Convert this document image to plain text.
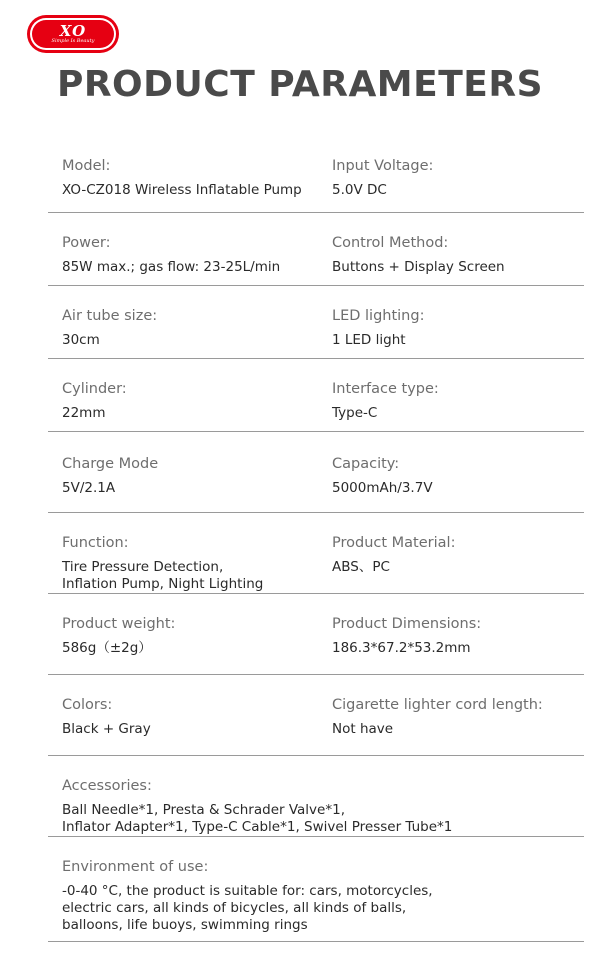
XO
Simple Is Beauty
PRODUCT PARAMETERS
Model:
XO-CZ018 Wireless Inflatable Pump
Input Voltage:
5.0V DC
Power:
85W max.; gas flow: 23-25L/min
Control Method:
Buttons + Display Screen
Air tube size:
30cm
LED lighting:
1 LED light
Cylinder:
22mm
Interface type:
Type-C
Charge Mode
5V/2.1A
Capacity:
5000mAh/3.7V
Function:
Tire Pressure Detection,
Inflation Pump, Night Lighting
Product Material:
ABS、PC
Product weight:
586g（±2g）
Product Dimensions:
186.3*67.2*53.2mm
Colors:
Black + Gray
Cigarette lighter cord length:
Not have
Accessories:
Ball Needle*1, Presta & Schrader Valve*1,
Inflator Adapter*1, Type-C Cable*1, Swivel Presser Tube*1
Environment of use:
-0-40 °C, the product is suitable for: cars, motorcycles,
electric cars, all kinds of bicycles, all kinds of balls,
balloons, life buoys, swimming rings
